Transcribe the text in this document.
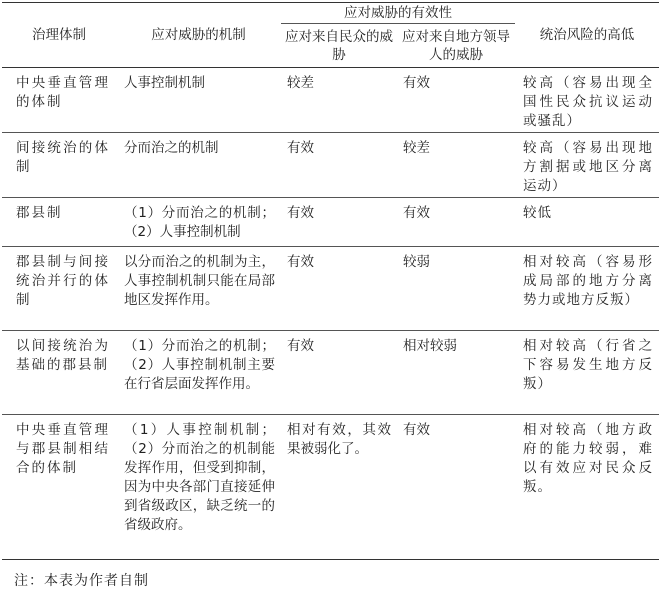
治理体制	应对威胁的机制	应对威胁的有效性		统治风险的高低
		应对来自民众的威胁	应对来自地方领导人的威胁	
中央垂直管理的体制	人事控制机制	较差	有效	较高（容易出现全国性民众抗议运动或骚乱）
间接统治的体制	分而治之的机制	有效	较差	较高（容易出现地方割据或地区分离运动）
郡县制	（1）分而治之的机制；（2）人事控制机制	有效	有效	较低
郡县制与间接统治并行的体制	以分而治之的机制为主，人事控制机制只能在局部地区发挥作用。	有效	较弱	相对较高（容易形成局部的地方分离势力或地方反叛）
以间接统治为基础的郡县制	（1）分而治之的机制；（2）人事控制机制主要在行省层面发挥作用。	有效	相对较弱	相对较高（行省之下容易发生地方反叛）
中央垂直管理与郡县制相结合的体制	（1）人事控制机制；（2）分而治之的机制能发挥作用，但受到抑制，因为中央各部门直接延伸到省级政区，缺乏统一的省级政府。	相对有效，其效果被弱化了。	有效	相对较高（地方政府的能力较弱，难以有效应对民众反叛。
注：本表为作者自制
